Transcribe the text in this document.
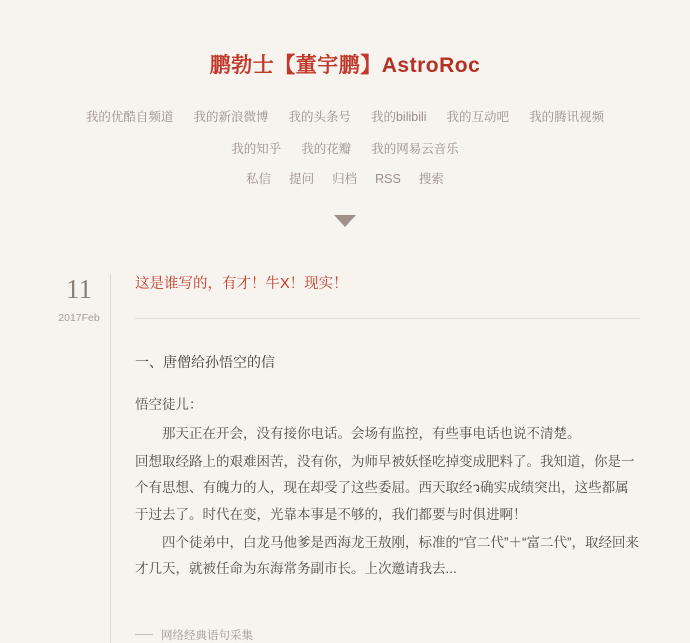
鹏勃士【董宇鹏】AstroRoc
我的优酷自频道 我的新浪微博 我的头条号 我的bilibili 我的互动吧 我的腾讯视频我的知乎 我的花瓣 我的网易云音乐
私信 提问 归档 RSS 搜索
11
2017Feb
这是谁写的，有才！牛X！现实！
一、唐僧给孙悟空的信

悟空徒儿：

那天正在开会，没有接你电话。会场有监控，有些事电话也说不清楚。

回想取经路上的艰难困苦，没有你，为师早被妖怪吃掉变成肥料了。我知道，你是一个有思想、有魄力的人，现在却受了这些委屈。西天取经ว确实成绩突出，这些都属于过去了。时代在变，光靠本事是不够的，我们都要与时俱进啊！

四个徒弟中，白龙马他爹是西海龙王敖刚，标准的“官二代”＋“富二代”，取经回来才几天，就被任命为东海常务副市长。上次邀请我去...

网络经典语句采集
